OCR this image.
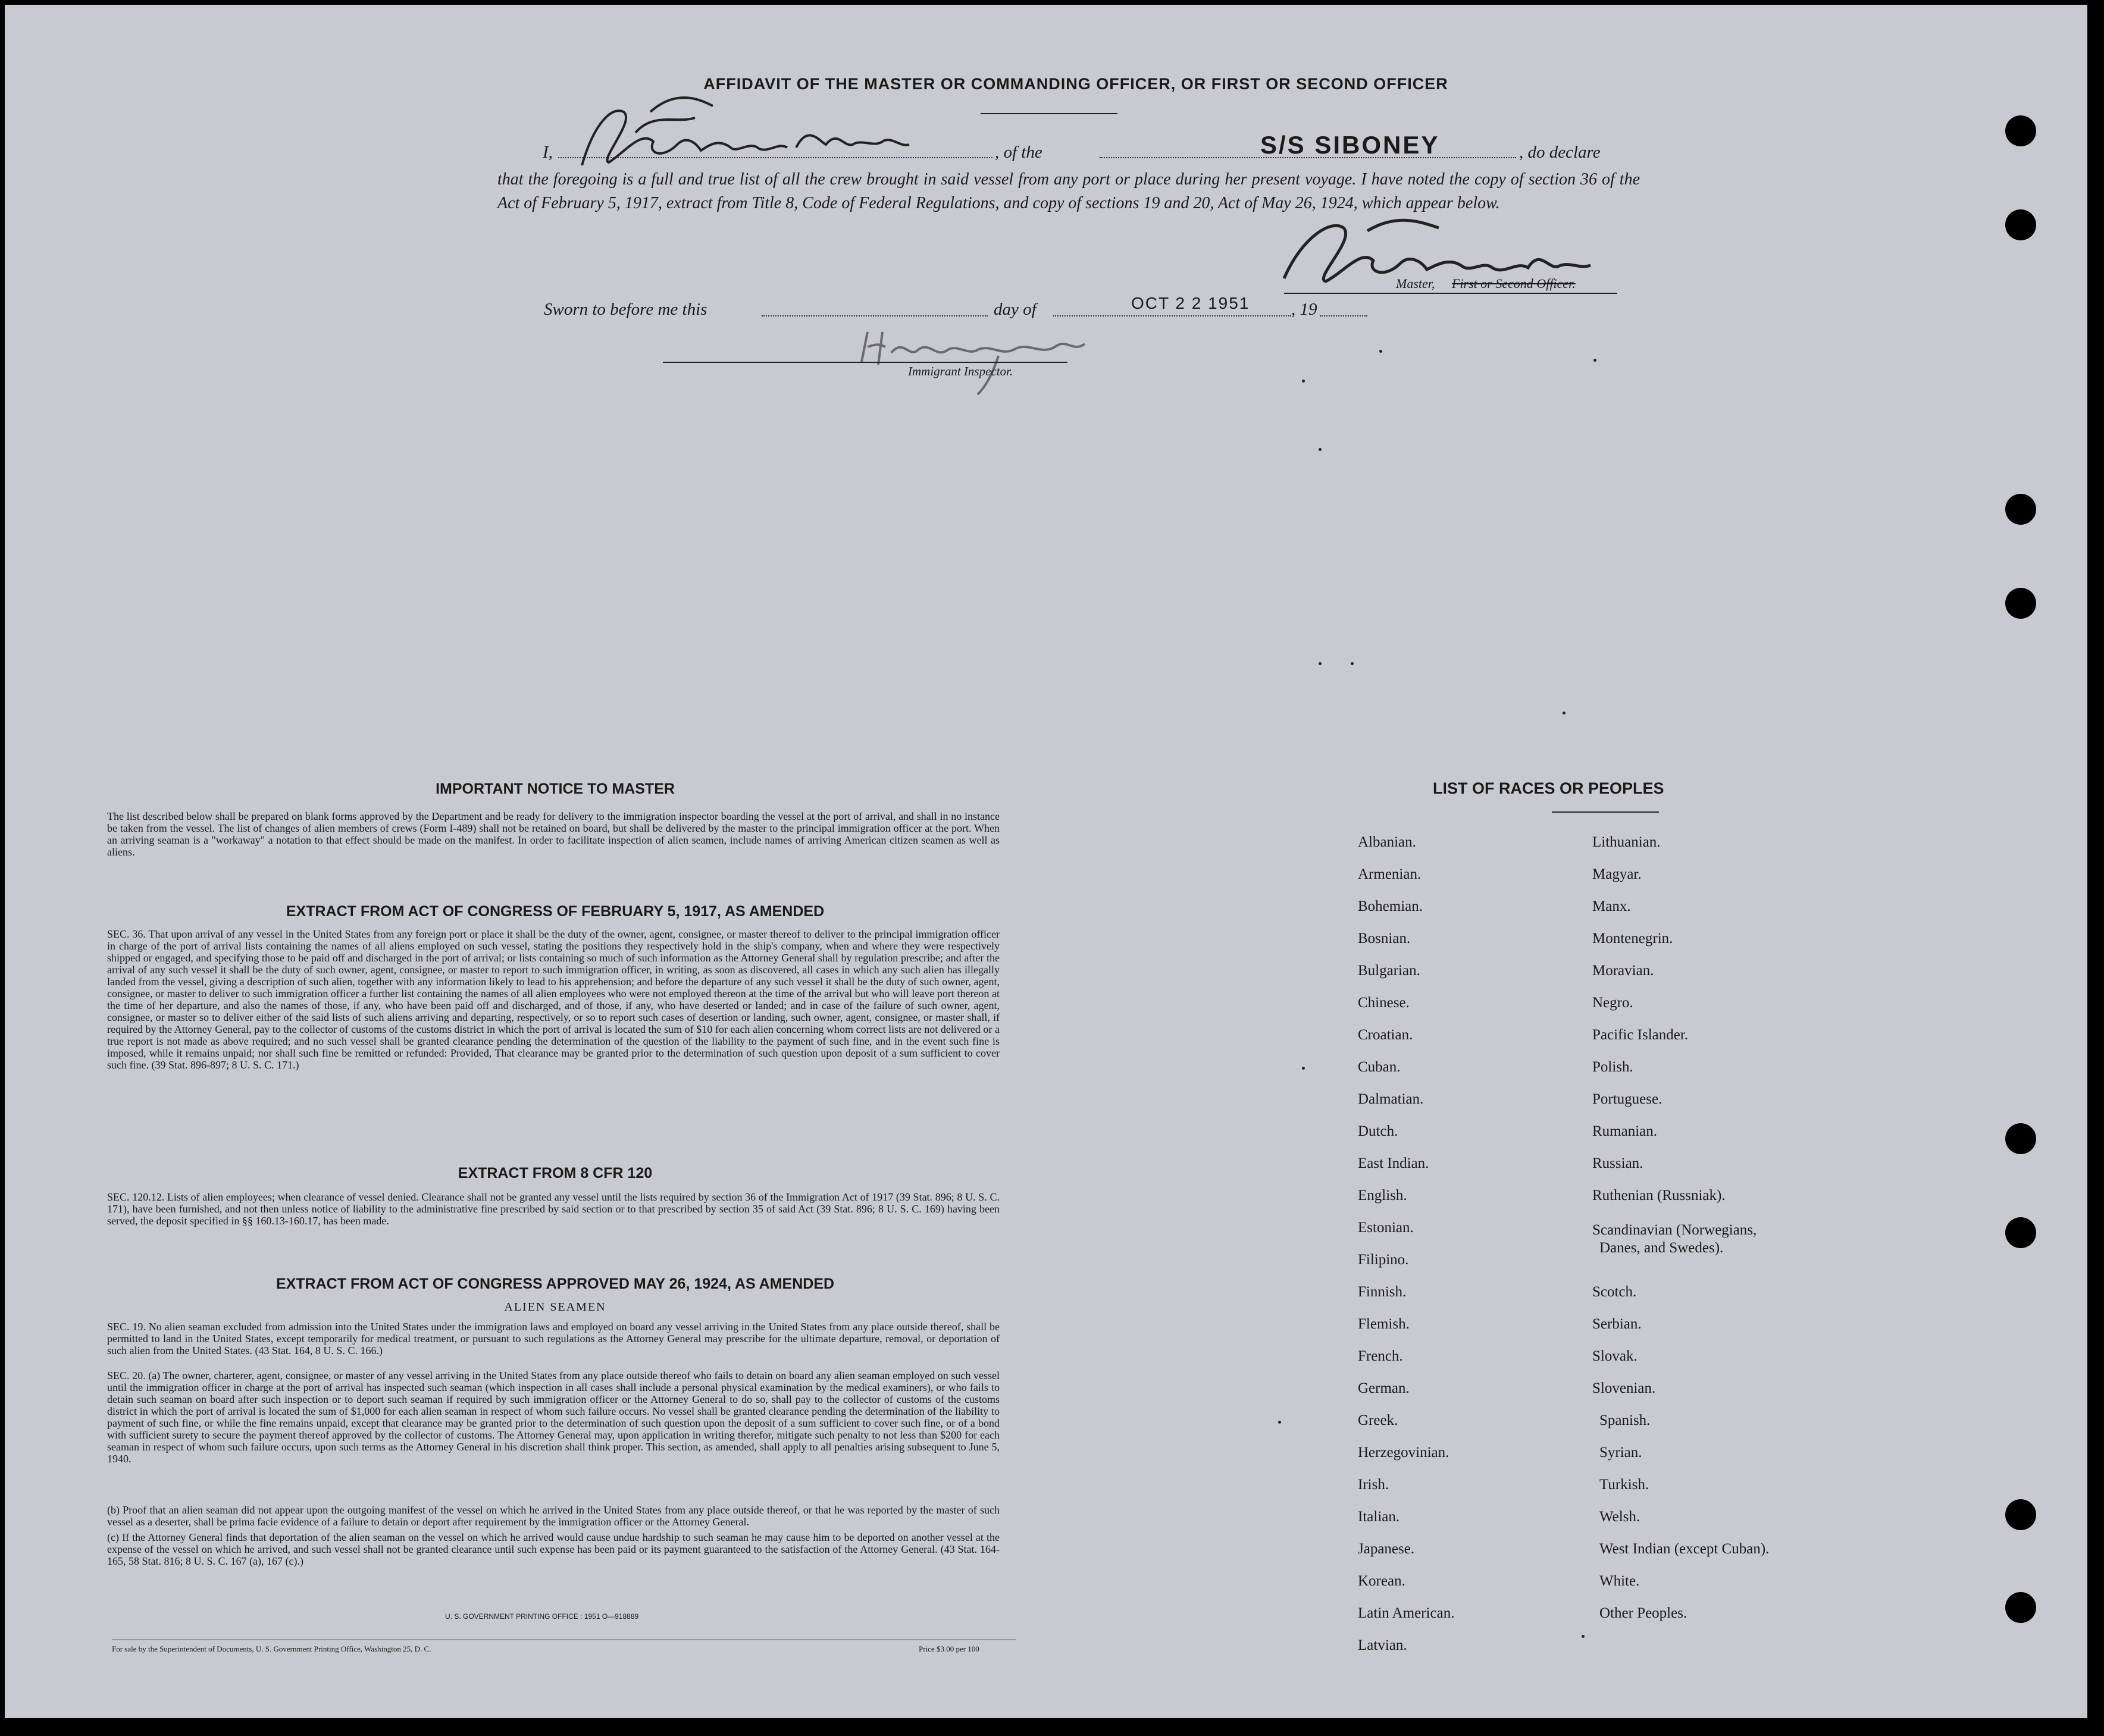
AFFIDAVIT OF THE MASTER OR COMMANDING OFFICER, OR FIRST OR SECOND OFFICER
I,	, of the	S/S SIBONEY	, do declare
that the foregoing is a full and true list of all the crew brought in said vessel from any port or place during her present voyage. I have noted the copy of section 36 of the Act of February 5, 1917, extract from Title 8, Code of Federal Regulations, and copy of sections 19 and 20, Act of May 26, 1924, which appear below.
Master, First or Second Officer.
Sworn to before me this	day of	OCT 2 2 1951 , 19
Immigrant Inspector.
IMPORTANT NOTICE TO MASTER
The list described below shall be prepared on blank forms approved by the Department and be ready for delivery to the immigration inspector boarding the vessel at the port of arrival, and shall in no instance be taken from the vessel. The list of changes of alien members of crews (Form I-489) shall not be retained on board, but shall be delivered by the master to the principal immigration officer at the port. When an arriving seaman is a "workaway" a notation to that effect should be made on the manifest. In order to facilitate inspection of alien seamen, include names of arriving American citizen seamen as well as aliens.
EXTRACT FROM ACT OF CONGRESS OF FEBRUARY 5, 1917, AS AMENDED
SEC. 36. That upon arrival of any vessel in the United States from any foreign port or place it shall be the duty of the owner, agent, consignee, or master thereof to deliver to the principal immigration officer in charge of the port of arrival lists containing the names of all aliens employed on such vessel, stating the positions they respectively hold in the ship's company, when and where they were respectively shipped or engaged, and specifying those to be paid off and discharged in the port of arrival; or lists containing so much of such information as the Attorney General shall by regulation prescribe; and after the arrival of any such vessel it shall be the duty of such owner, agent, consignee, or master to report to such immigration officer, in writing, as soon as discovered, all cases in which any such alien has illegally landed from the vessel, giving a description of such alien, together with any information likely to lead to his apprehension; and before the departure of any such vessel it shall be the duty of such owner, agent, consignee, or master to deliver to such immigration officer a further list containing the names of all alien employees who were not employed thereon at the time of the arrival but who will leave port thereon at the time of her departure, and also the names of those, if any, who have been paid off and discharged, and of those, if any, who have deserted or landed; and in case of the failure of such owner, agent, consignee, or master so to deliver either of the said lists of such aliens arriving and departing, respectively, or so to report such cases of desertion or landing, such owner, agent, consignee, or master shall, if required by the Attorney General, pay to the collector of customs of the customs district in which the port of arrival is located the sum of $10 for each alien concerning whom correct lists are not delivered or a true report is not made as above required; and no such vessel shall be granted clearance pending the determination of the question of the liability to the payment of such fine, and in the event such fine is imposed, while it remains unpaid; nor shall such fine be remitted or refunded: Provided, That clearance may be granted prior to the determination of such question upon deposit of a sum sufficient to cover such fine. (39 Stat. 896-897; 8 U. S. C. 171.)
EXTRACT FROM 8 CFR 120
SEC. 120.12. Lists of alien employees; when clearance of vessel denied. Clearance shall not be granted any vessel until the lists required by section 36 of the Immigration Act of 1917 (39 Stat. 896; 8 U. S. C. 171), have been furnished, and not then unless notice of liability to the administrative fine prescribed by said section or to that prescribed by section 35 of said Act (39 Stat. 896; 8 U. S. C. 169) having been served, the deposit specified in §§ 160.13-160.17, has been made.
EXTRACT FROM ACT OF CONGRESS APPROVED MAY 26, 1924, AS AMENDED
ALIEN SEAMEN
SEC. 19. No alien seaman excluded from admission into the United States under the immigration laws and employed on board any vessel arriving in the United States from any place outside thereof, shall be permitted to land in the United States, except temporarily for medical treatment, or pursuant to such regulations as the Attorney General may prescribe for the ultimate departure, removal, or deportation of such alien from the United States. (43 Stat. 164, 8 U. S. C. 166.)
SEC. 20. (a) The owner, charterer, agent, consignee, or master of any vessel arriving in the United States from any place outside thereof who fails to detain on board any alien seaman employed on such vessel until the immigration officer in charge at the port of arrival has inspected such seaman (which inspection in all cases shall include a personal physical examination by the medical examiners), or who fails to detain such seaman on board after such inspection or to deport such seaman if required by such immigration officer or the Attorney General to do so, shall pay to the collector of customs of the customs district in which the port of arrival is located the sum of $1,000 for each alien seaman in respect of whom such failure occurs. No vessel shall be granted clearance pending the determination of the liability to payment of such fine, or while the fine remains unpaid, except that clearance may be granted prior to the determination of such question upon the deposit of a sum sufficient to cover such fine, or of a bond with sufficient surety to secure the payment thereof approved by the collector of customs. The Attorney General may, upon application in writing therefor, mitigate such penalty to not less than $200 for each seaman in respect of whom such failure occurs, upon such terms as the Attorney General in his discretion shall think proper. This section, as amended, shall apply to all penalties arising subsequent to June 5, 1940.
(b) Proof that an alien seaman did not appear upon the outgoing manifest of the vessel on which he arrived in the United States from any place outside thereof, or that he was reported by the master of such vessel as a deserter, shall be prima facie evidence of a failure to detain or deport after requirement by the immigration officer or the Attorney General.
(c) If the Attorney General finds that deportation of the alien seaman on the vessel on which he arrived would cause undue hardship to such seaman he may cause him to be deported on another vessel at the expense of the vessel on which he arrived, and such vessel shall not be granted clearance until such expense has been paid or its payment guaranteed to the satisfaction of the Attorney General. (43 Stat. 164-165, 58 Stat. 816; 8 U. S. C. 167 (a), 167 (c).)
U. S. GOVERNMENT PRINTING OFFICE : 1951 O—918889
For sale by the Superintendent of Documents, U. S. Government Printing Office, Washington 25, D. C.	Price $3.00 per 100
LIST OF RACES OR PEOPLES
Albanian.
Armenian.
Bohemian.
Bosnian.
Bulgarian.
Chinese.
Croatian.
Cuban.
Dalmatian.
Dutch.
East Indian.
English.
Estonian.
Filipino.
Finnish.
Flemish.
French.
German.
Greek.
Herzegovinian.
Irish.
Italian.
Japanese.
Korean.
Latin American.
Latvian.
Lithuanian.
Magyar.
Manx.
Montenegrin.
Moravian.
Negro.
Pacific Islander.
Polish.
Portuguese.
Rumanian.
Russian.
Ruthenian (Russniak).
Scandinavian (Norwegians,
Danes, and Swedes).
Scotch.
Serbian.
Slovak.
Slovenian.
Spanish.
Syrian.
Turkish.
Welsh.
West Indian (except Cuban).
White.
Other Peoples.
